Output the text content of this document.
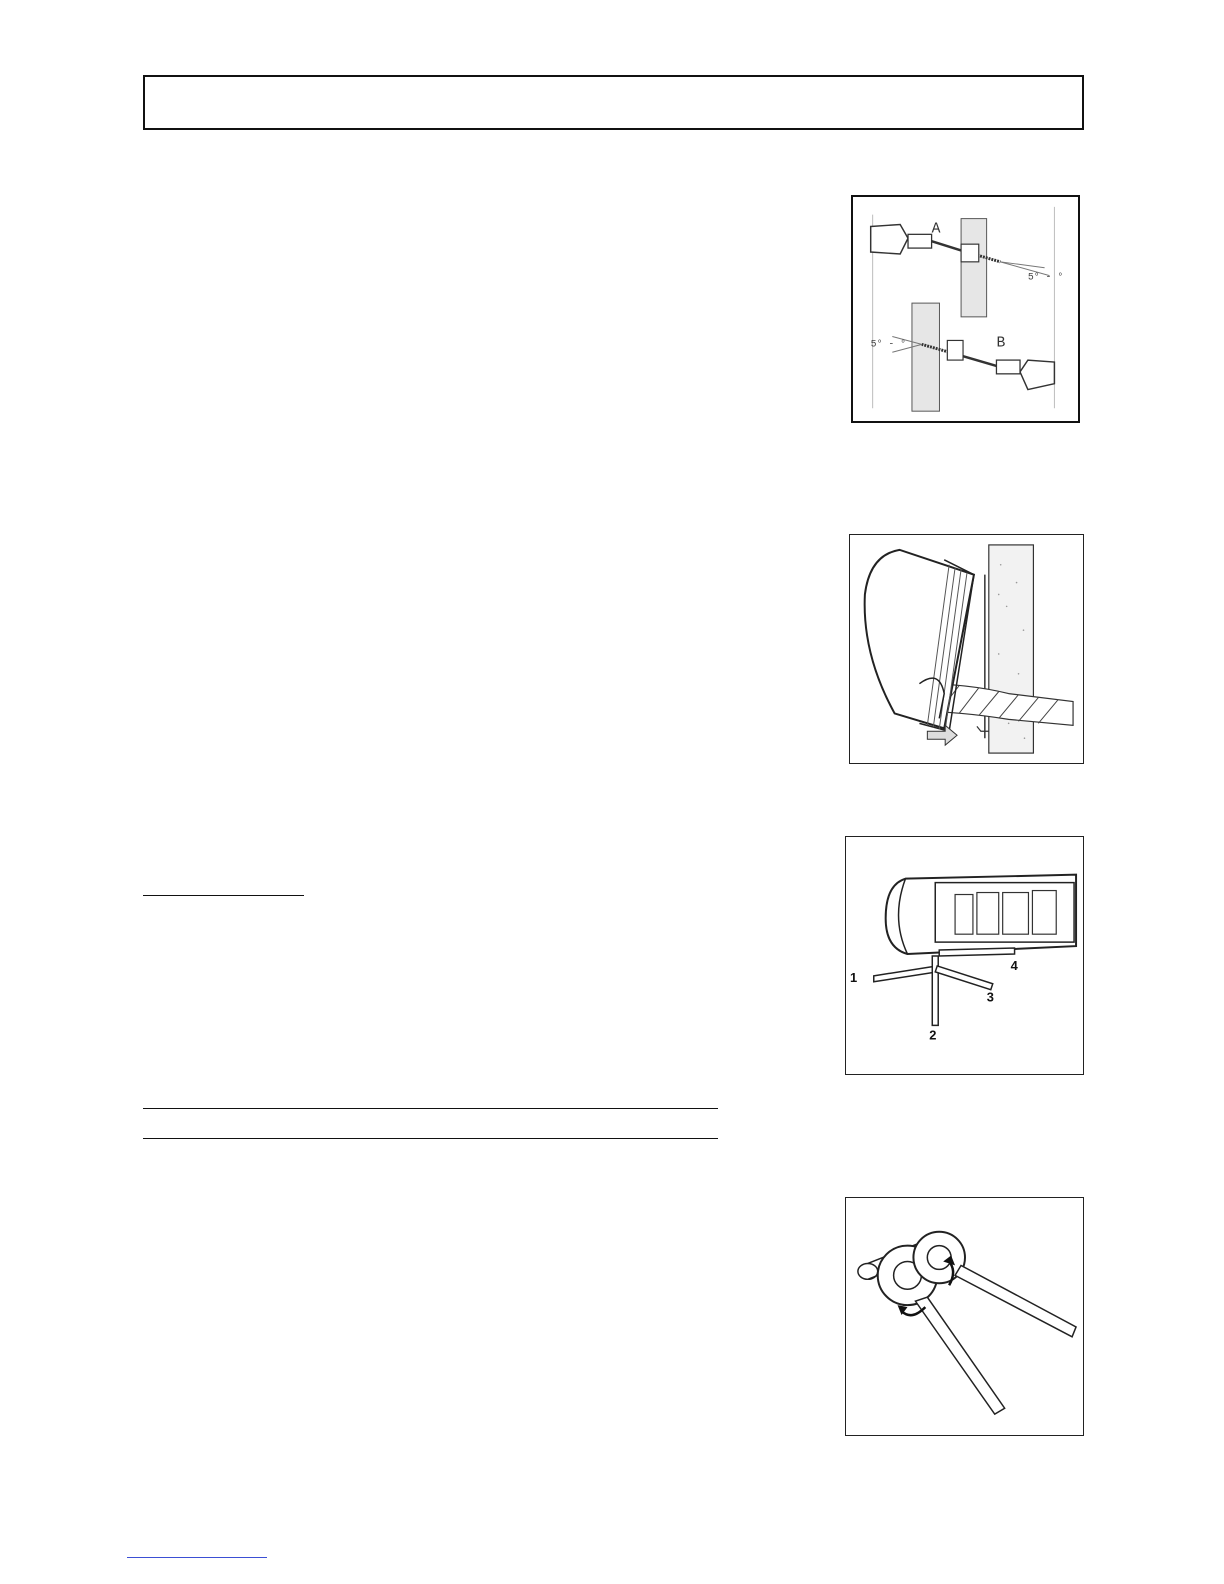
A
5° - °
B
5° - °
1
2
3
4
